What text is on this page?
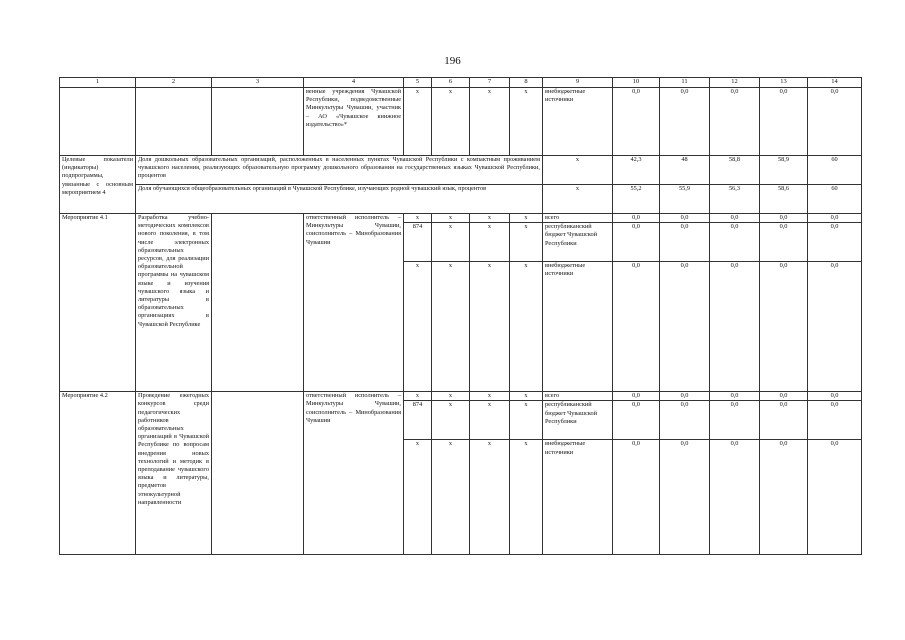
196
1	2	3	4	5	6	7	8	9	10	11	12	13	14
			венные учреждения Чувашской Республики, подведомственные Минкультуры Чувашии, участник – АО «Чувашское книжное издательство»*	x	x	x	x	внебюджетные источники	0,0	0,0	0,0	0,0	0,0
Целевые показатели (индикаторы) подпрограммы, увязанные с основным мероприятием 4	Доля дошкольных образовательных организаций, расположенных в населенных пунктах Чувашской Республики с компактным проживанием чувашского населения, реализующих образовательную программу дошкольного образования на государственных языках Чувашской Республики, процентов							x	42,3	48	58,8	58,9	60
	Доля обучающихся общеобразовательных организаций в Чувашской Республике, изучающих родной чувашский язык, процентов							x	55,2	55,9	56,3	58,6	60
Мероприятие 4.1	Разработка учебно-методических комплексов нового поколения, в том числе электронных образовательных ресурсов, для реализации образовательной программы на чувашском языке и изучения чувашского языка и литературы в образовательных организациях в Чувашской Республике		ответственный исполнитель – Минкультуры Чувашии, соисполнитель – Минобразования Чувашии	x	x	x	x	всего	0,0	0,0	0,0	0,0	0,0
				874	x	x	x	республиканский бюджет Чувашской Республики	0,0	0,0	0,0	0,0	0,0
				x	x	x	x	внебюджетные источники	0,0	0,0	0,0	0,0	0,0
Мероприятие 4.2	Проведение ежегодных конкурсов среди педагогических работников образовательных организаций в Чувашской Республике по вопросам внедрения новых технологий и методик в преподавание чувашского языка и литературы, предметов этнокультурной направленности		ответственный исполнитель – Минкультуры Чувашии, соисполнитель – Минобразования Чувашии	x	x	x	x	всего	0,0	0,0	0,0	0,0	0,0
				874	x	x	x	республиканский бюджет Чувашской Республики	0,0	0,0	0,0	0,0	0,0
				x	x	x	x	внебюджетные источники	0,0	0,0	0,0	0,0	0,0
